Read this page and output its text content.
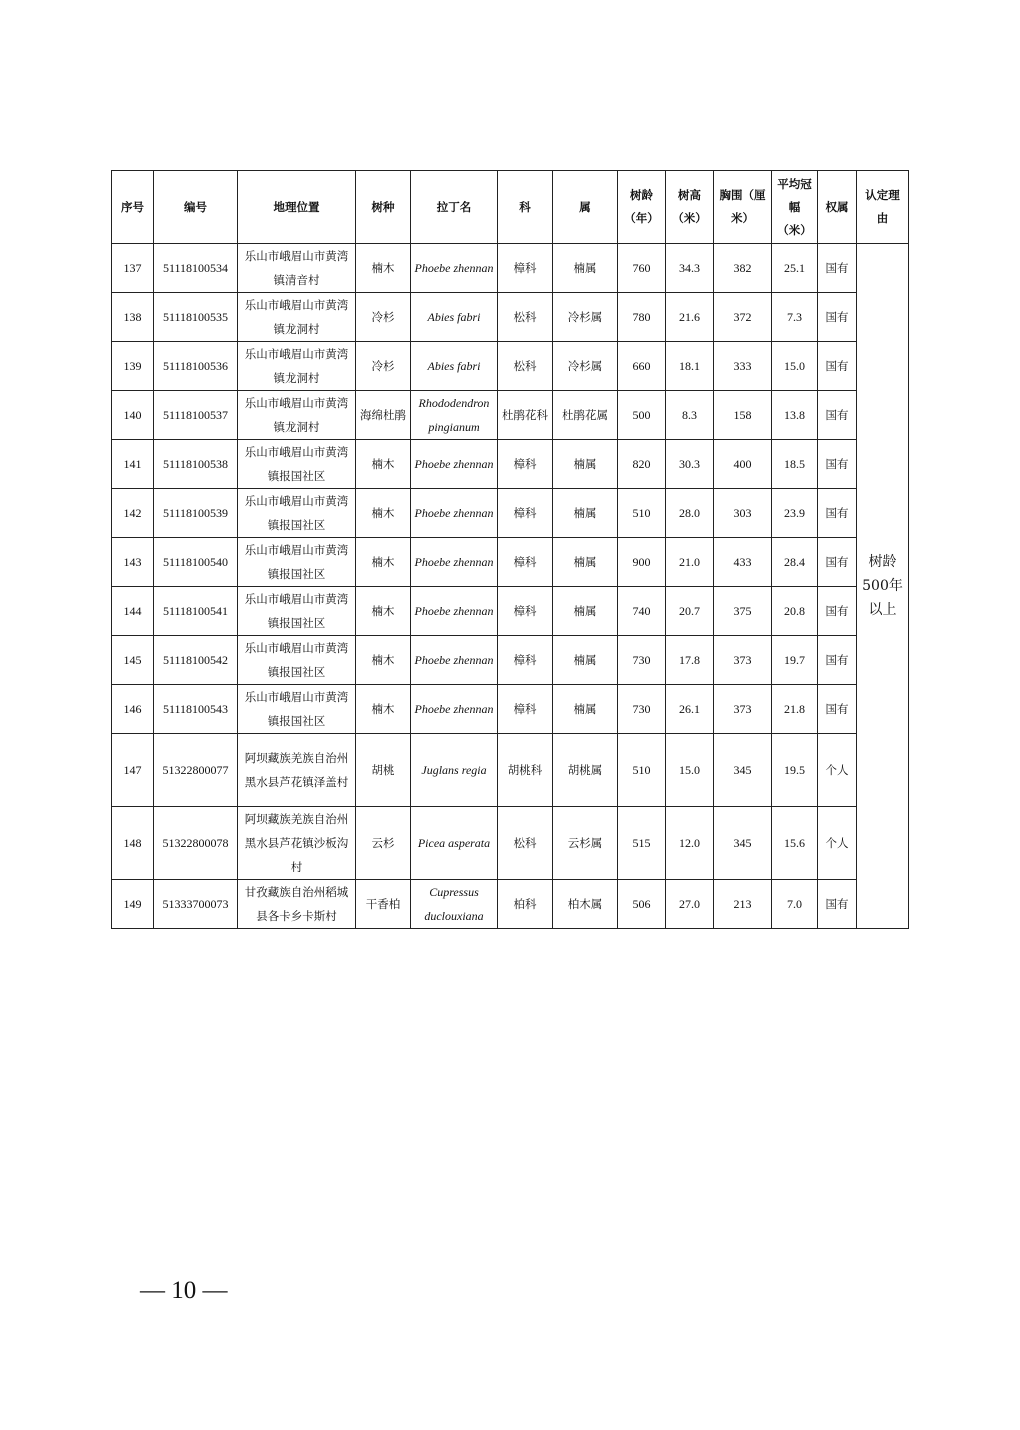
序号	编号	地理位置	树种	拉丁名	科	属	树龄（年）	树高（米）	胸围（厘米）	平均冠幅（米）	权属	认定理由
137	51118100534	乐山市峨眉山市黄湾镇清音村	楠木	Phoebe zhennan	樟科	楠属	760	34.3	382	25.1	国有	树龄500年以上
138	51118100535	乐山市峨眉山市黄湾镇龙洞村	冷杉	Abies fabri	松科	冷杉属	780	21.6	372	7.3	国有	
139	51118100536	乐山市峨眉山市黄湾镇龙洞村	冷杉	Abies fabri	松科	冷杉属	660	18.1	333	15.0	国有	
140	51118100537	乐山市峨眉山市黄湾镇龙洞村	海绵杜鹃	Rhododendron pingianum	杜鹃花科	杜鹃花属	500	8.3	158	13.8	国有	
141	51118100538	乐山市峨眉山市黄湾镇报国社区	楠木	Phoebe zhennan	樟科	楠属	820	30.3	400	18.5	国有	
142	51118100539	乐山市峨眉山市黄湾镇报国社区	楠木	Phoebe zhennan	樟科	楠属	510	28.0	303	23.9	国有	
143	51118100540	乐山市峨眉山市黄湾镇报国社区	楠木	Phoebe zhennan	樟科	楠属	900	21.0	433	28.4	国有	
144	51118100541	乐山市峨眉山市黄湾镇报国社区	楠木	Phoebe zhennan	樟科	楠属	740	20.7	375	20.8	国有	
145	51118100542	乐山市峨眉山市黄湾镇报国社区	楠木	Phoebe zhennan	樟科	楠属	730	17.8	373	19.7	国有	
146	51118100543	乐山市峨眉山市黄湾镇报国社区	楠木	Phoebe zhennan	樟科	楠属	730	26.1	373	21.8	国有	
147	51322800077	阿坝藏族羌族自治州黑水县芦花镇泽盖村	胡桃	Juglans regia	胡桃科	胡桃属	510	15.0	345	19.5	个人	
148	51322800078	阿坝藏族羌族自治州黑水县芦花镇沙板沟村	云杉	Picea asperata	松科	云杉属	515	12.0	345	15.6	个人	
149	51333700073	甘孜藏族自治州稻城县各卡乡卡斯村	干香柏	Cupressus duclouxiana	柏科	柏木属	506	27.0	213	7.0	国有	
— 10 —
